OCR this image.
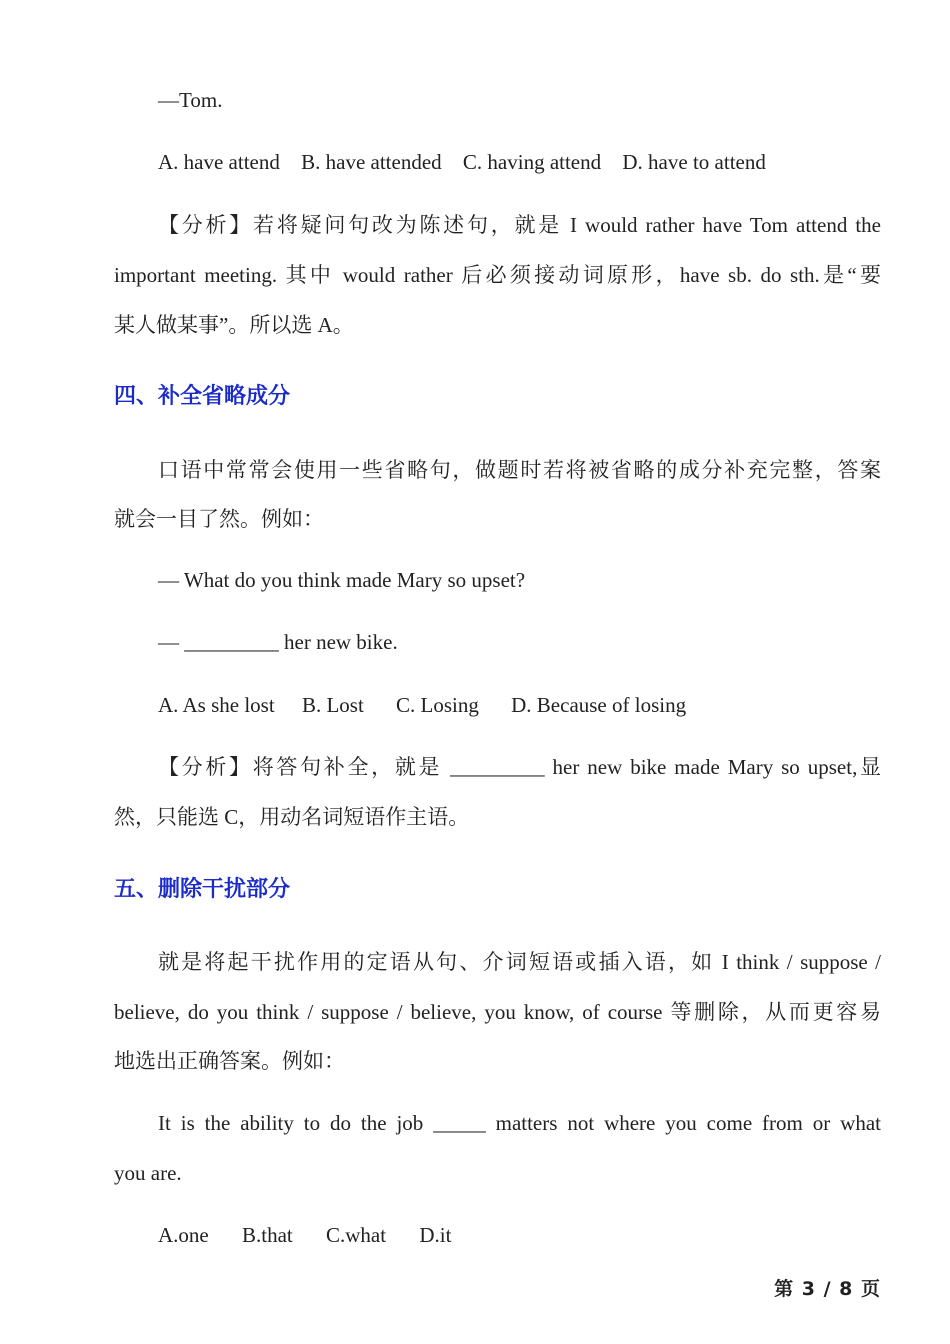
—Tom.
A. have attend B. have attended C. having attend D. have to attend
【分析】若将疑问句改为陈述句，就是 I would rather have Tom attend the
important meeting. 其中 would rather 后必须接动词原形，have sb. do sth.是“要
某人做某事”。所以选 A。
四、补全省略成分
口语中常常会使用一些省略句，做题时若将被省略的成分补充完整，答案
就会一目了然。例如：
— What do you think made Mary so upset?
— _________ her new bike.
A. As she lost B. Lost C. Losing D. Because of losing
【分析】将答句补全，就是 _________ her new bike made Mary so upset,显
然，只能选 C，用动名词短语作主语。
五、删除干扰部分
就是将起干扰作用的定语从句、介词短语或插入语，如 I think / suppose /
believe, do you think / suppose / believe, you know, of course 等删除，从而更容易
地选出正确答案。例如：
It is the ability to do the job _____ matters not where you come from or what
you are.
A.one B.that C.what D.it
第 3 / 8 页
